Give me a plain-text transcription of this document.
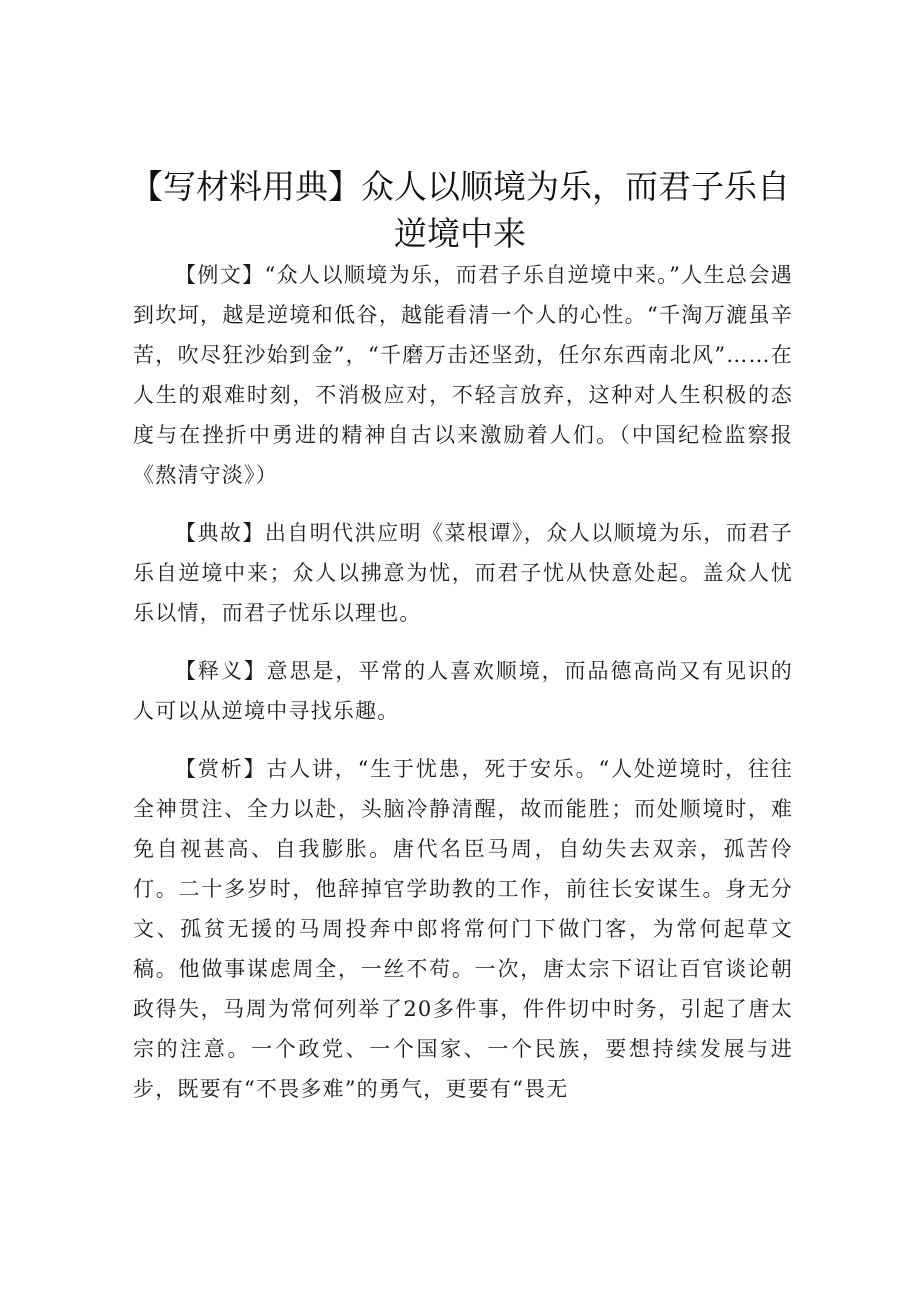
【写材料用典】众人以顺境为乐，而君子乐自
逆境中来

【例文】“众人以顺境为乐，而君子乐自逆境中来。”人生总会遇到坎坷，越是逆境和低谷，越能看清一个人的心性。“千淘万漉虽辛苦，吹尽狂沙始到金”，“千磨万击还坚劲，任尔东西南北风”……在人生的艰难时刻，不消极应对，不轻言放弃，这种对人生积极的态度与在挫折中勇进的精神自古以来激励着人们。（中国纪检监察报《熬清守淡》）

【典故】出自明代洪应明《菜根谭》，众人以顺境为乐，而君子乐自逆境中来；众人以拂意为忧，而君子忧从快意处起。盖众人忧乐以情，而君子忧乐以理也。

【释义】意思是，平常的人喜欢顺境，而品德高尚又有见识的人可以从逆境中寻找乐趣。

【赏析】古人讲，“生于忧患，死于安乐。“人处逆境时，往往全神贯注、全力以赴，头脑冷静清醒，故而能胜；而处顺境时，难免自视甚高、自我膨胀。唐代名臣马周，自幼失去双亲，孤苦伶仃。二十多岁时，他辞掉官学助教的工作，前往长安谋生。身无分文、孤贫无援的马周投奔中郎将常何门下做门客，为常何起草文稿。他做事谋虑周全，一丝不苟。一次，唐太宗下诏让百官谈论朝政得失，马周为常何列举了20多件事，件件切中时务，引起了唐太宗的注意。一个政党、一个国家、一个民族，要想持续发展与进步，既要有“不畏多难”的勇气，更要有“畏无
